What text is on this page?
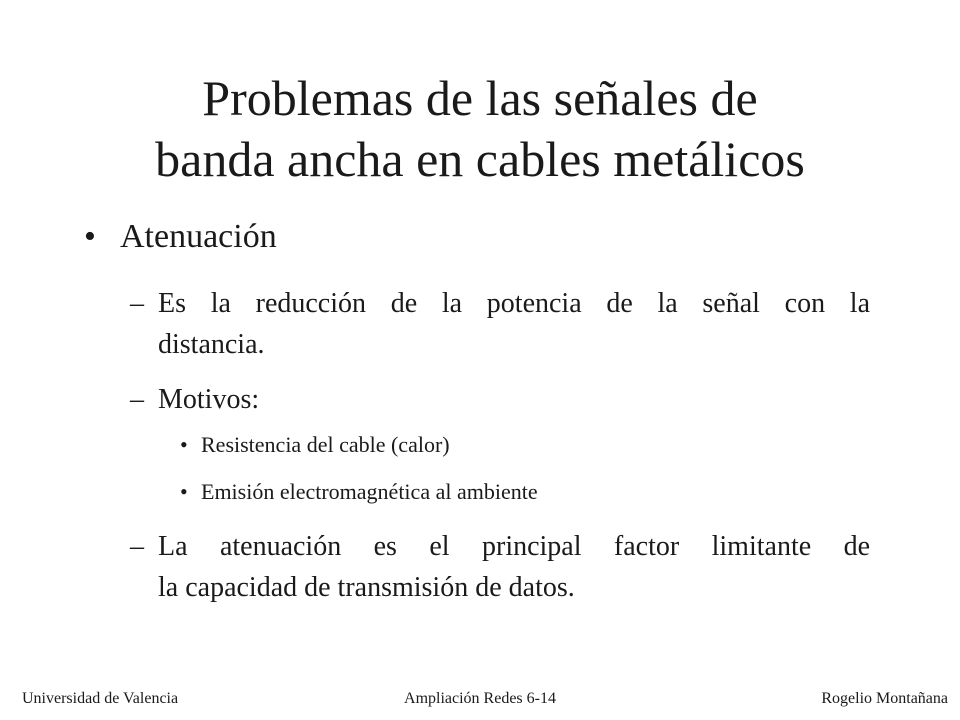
Problemas de las señales de
banda ancha en cables metálicos
• Atenuación
– Es la reducción de la potencia de la señal con la
distancia.
– Motivos:
• Resistencia del cable (calor)
• Emisión electromagnética al ambiente
– La atenuación es el principal factor limitante de
la capacidad de transmisión de datos.
Universidad de Valencia	Ampliación Redes 6-14	Rogelio Montañana
